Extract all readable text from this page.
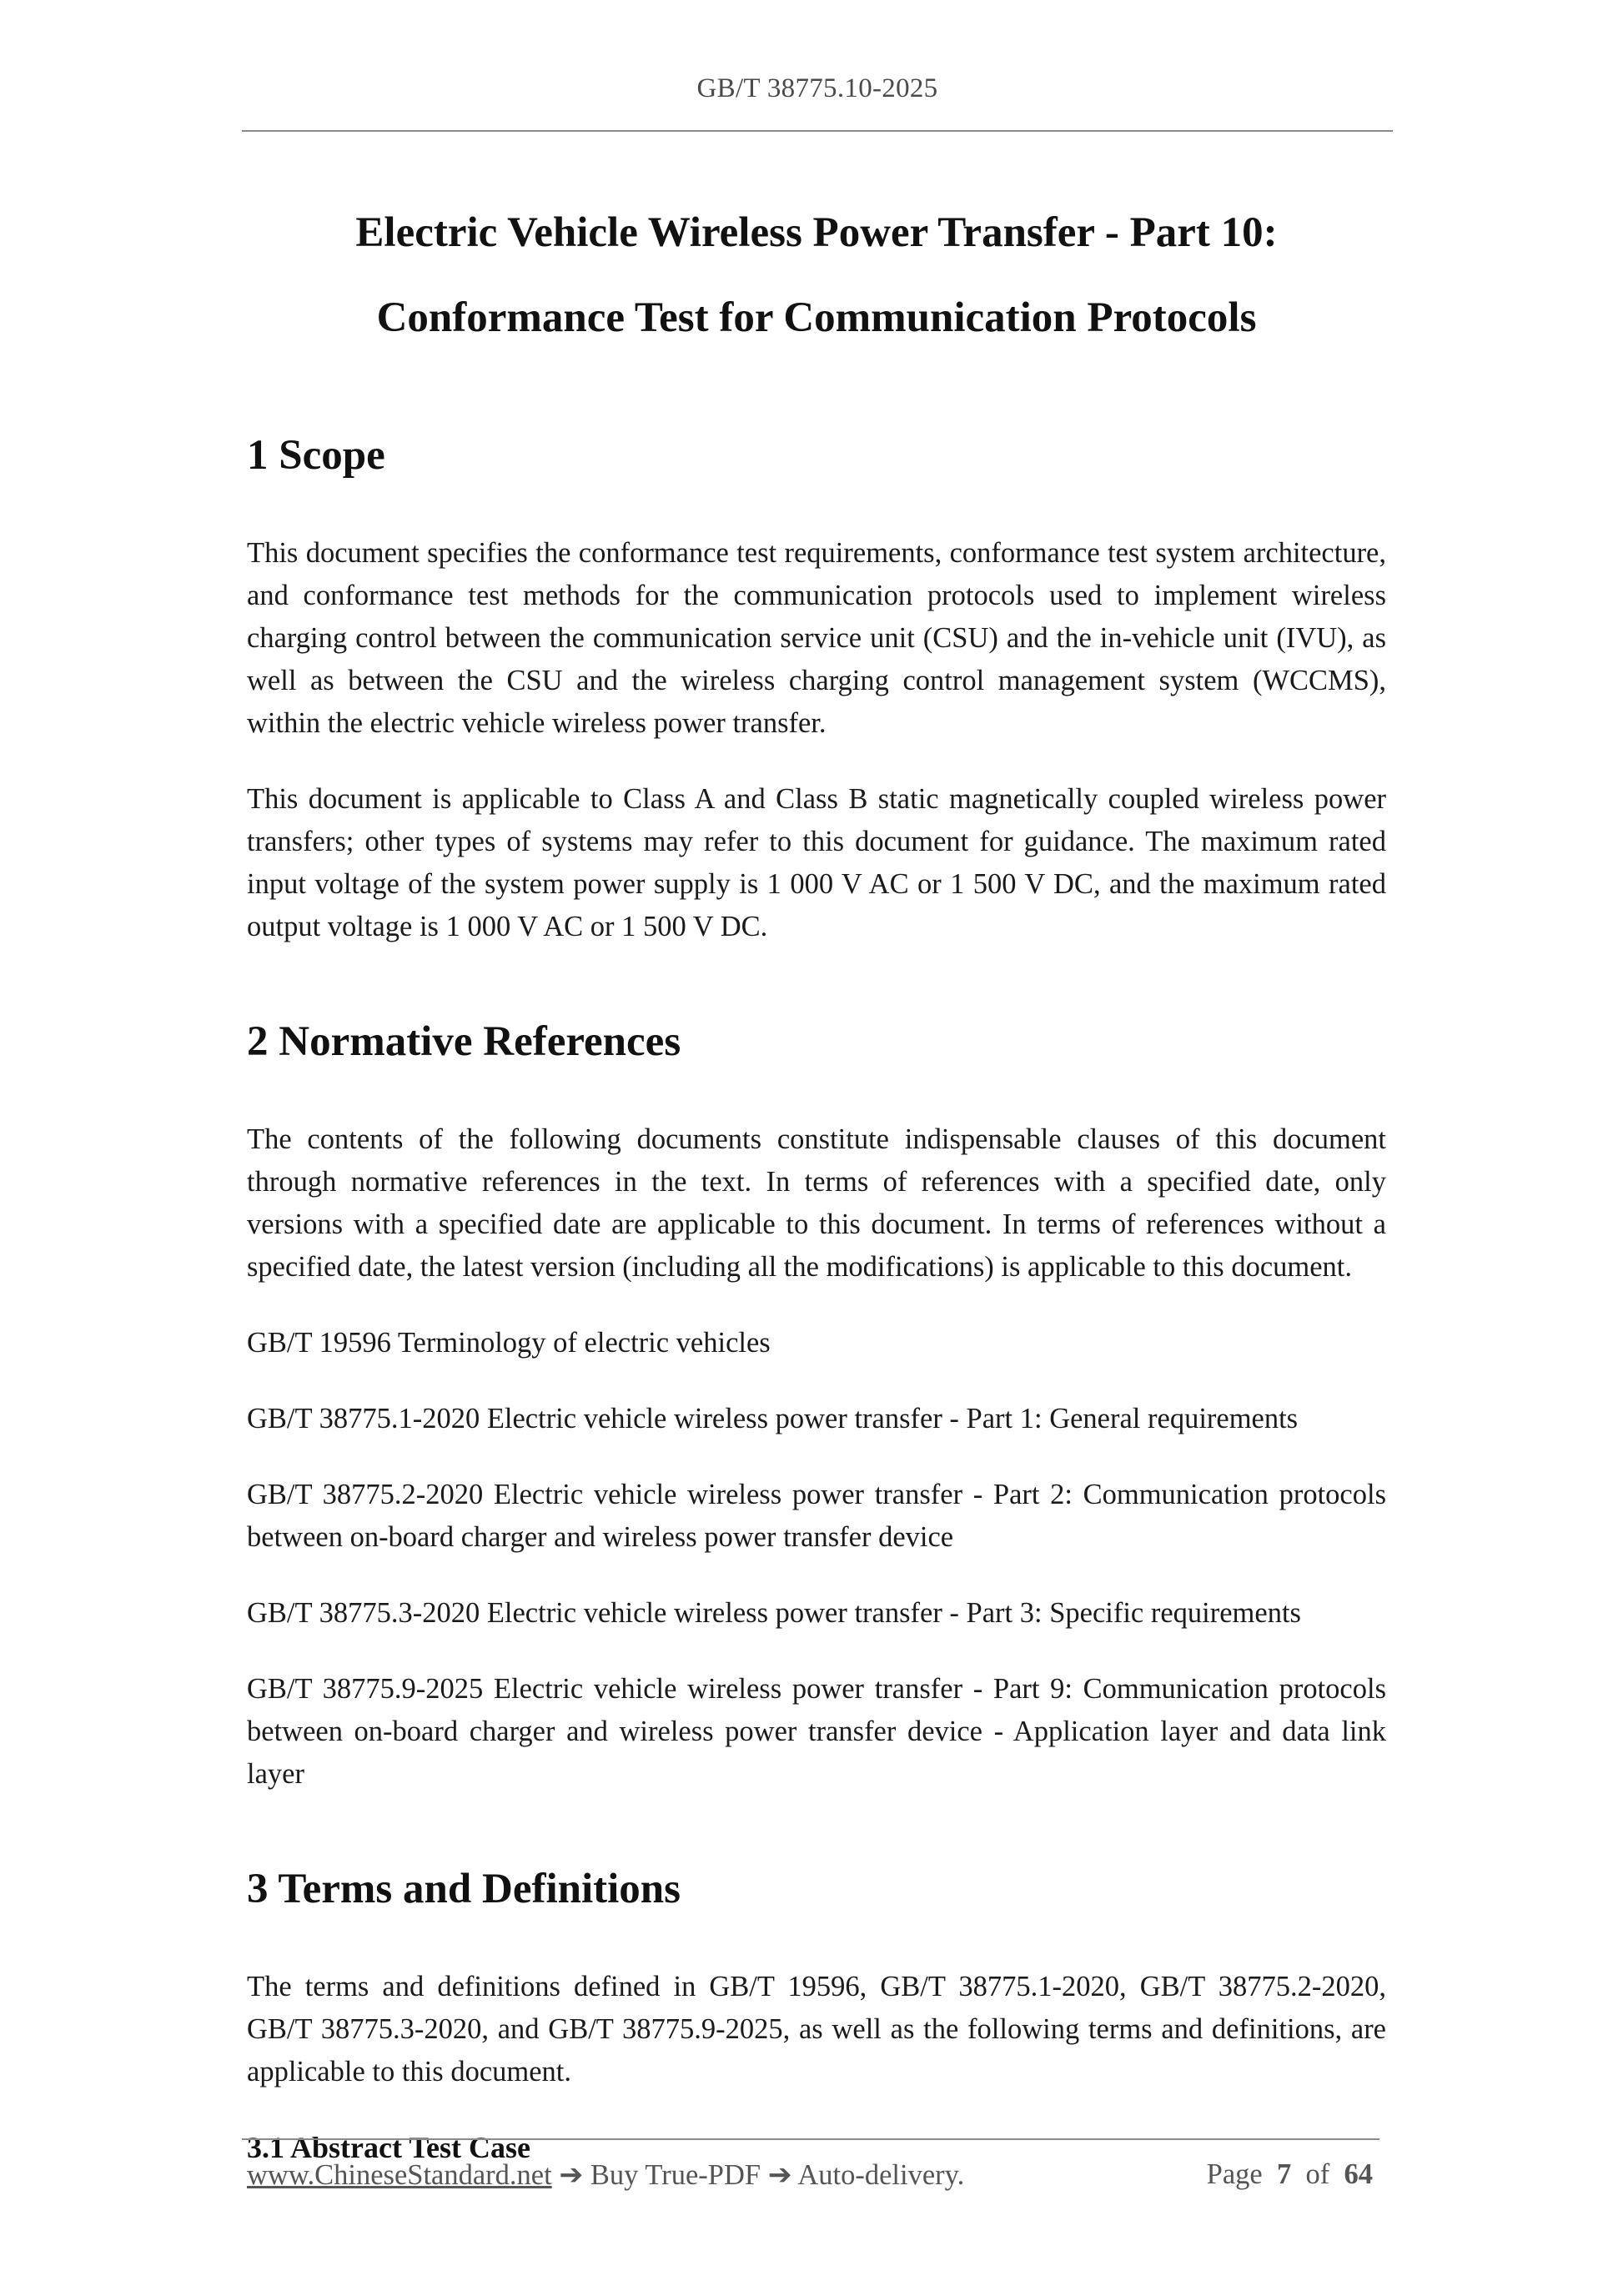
GB/T 38775.10-2025
Electric Vehicle Wireless Power Transfer - Part 10:
Conformance Test for Communication Protocols
1 Scope

This document specifies the conformance test requirements, conformance test system architecture, and conformance test methods for the communication protocols used to implement wireless charging control between the communication service unit (CSU) and the in-vehicle unit (IVU), as well as between the CSU and the wireless charging control management system (WCCMS), within the electric vehicle wireless power transfer.

This document is applicable to Class A and Class B static magnetically coupled wireless power transfers; other types of systems may refer to this document for guidance. The maximum rated input voltage of the system power supply is 1 000 V AC or 1 500 V DC, and the maximum rated output voltage is 1 000 V AC or 1 500 V DC.

2 Normative References

The contents of the following documents constitute indispensable clauses of this document through normative references in the text. In terms of references with a specified date, only versions with a specified date are applicable to this document. In terms of references without a specified date, the latest version (including all the modifications) is applicable to this document.

GB/T 19596 Terminology of electric vehicles

GB/T 38775.1-2020 Electric vehicle wireless power transfer - Part 1: General requirements

GB/T 38775.2-2020 Electric vehicle wireless power transfer - Part 2: Communication protocols between on-board charger and wireless power transfer device

GB/T 38775.3-2020 Electric vehicle wireless power transfer - Part 3: Specific requirements

GB/T 38775.9-2025 Electric vehicle wireless power transfer - Part 9: Communication protocols between on-board charger and wireless power transfer device - Application layer and data link layer

3 Terms and Definitions

The terms and definitions defined in GB/T 19596, GB/T 38775.1-2020, GB/T 38775.2-2020, GB/T 38775.3-2020, and GB/T 38775.9-2025, as well as the following terms and definitions, are applicable to this document.

3.1 Abstract Test Case
www.ChineseStandard.net ➔ Buy True-PDF ➔ Auto-delivery.	Page 7 of 64
